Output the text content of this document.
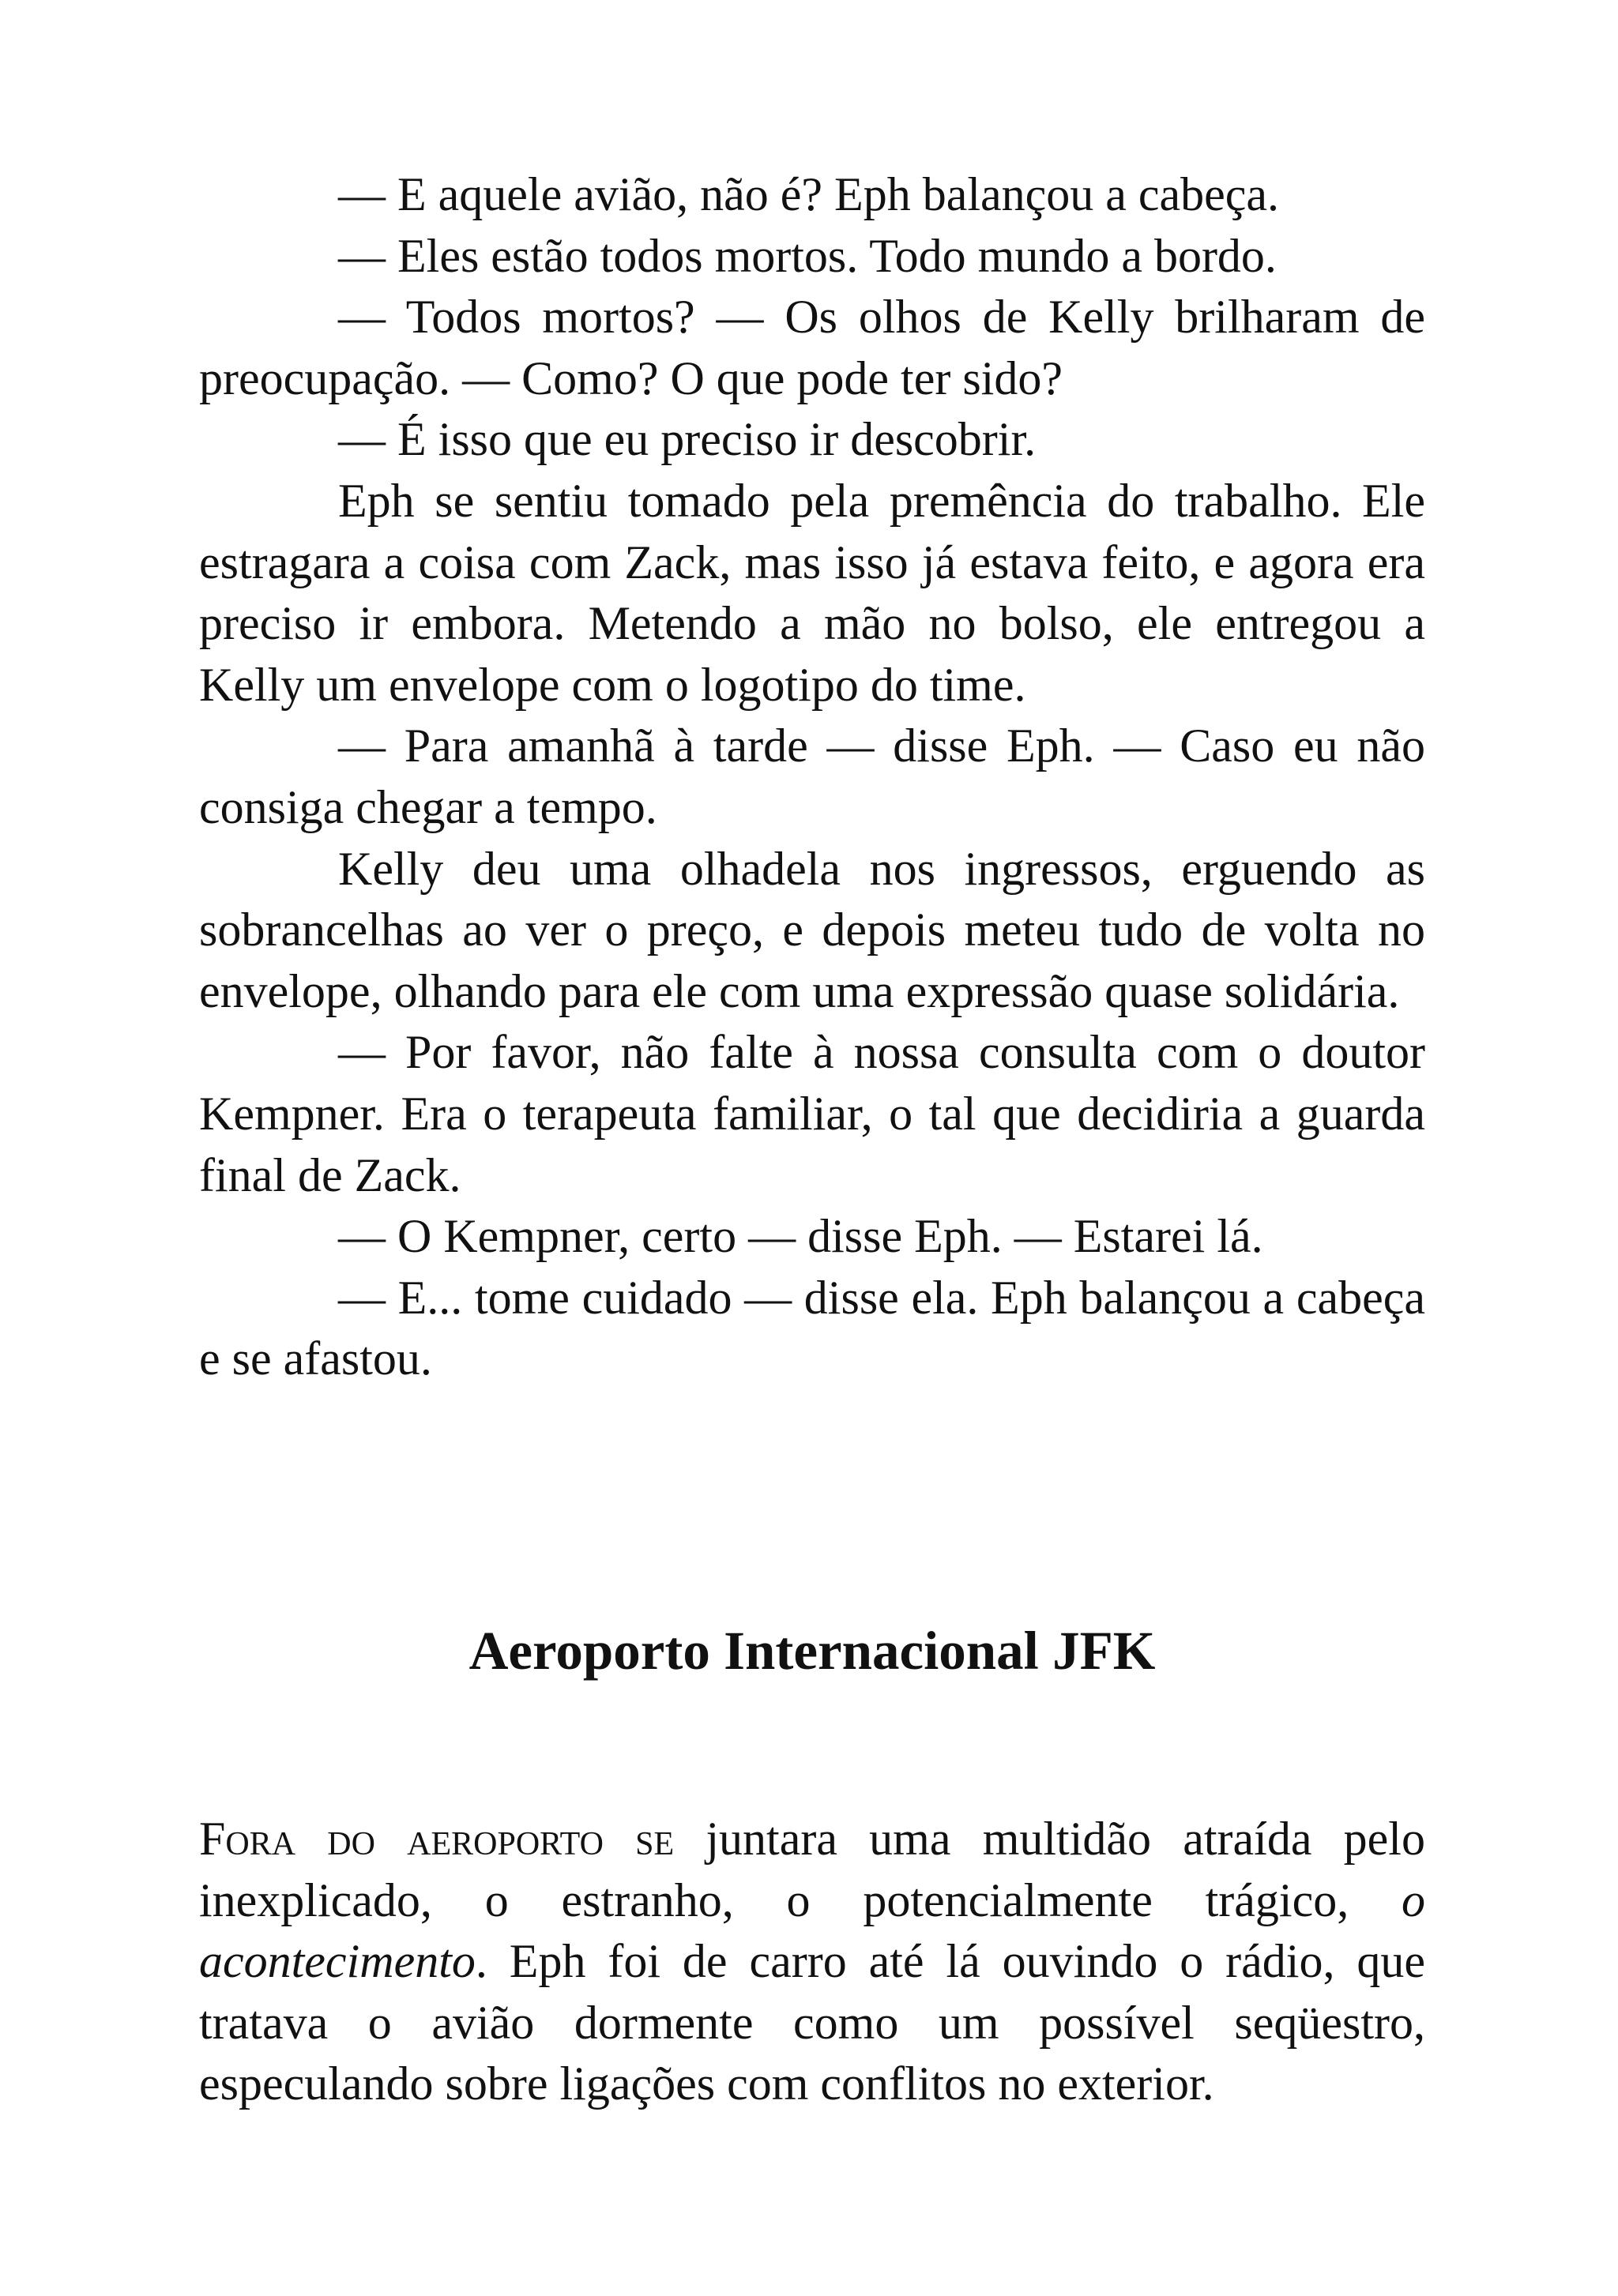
— E aquele avião, não é? Eph balançou a cabeça.

— Eles estão todos mortos. Todo mundo a bordo.

— Todos mortos? — Os olhos de Kelly brilharam de preocupação. — Como? O que pode ter sido?

— É isso que eu preciso ir descobrir.

Eph se sentiu tomado pela premência do trabalho. Ele estragara a coisa com Zack, mas isso já estava feito, e agora era preciso ir embora. Metendo a mão no bolso, ele entregou a Kelly um envelope com o logotipo do time.

— Para amanhã à tarde — disse Eph. — Caso eu não consiga chegar a tempo.

Kelly deu uma olhadela nos ingressos, erguendo as sobrancelhas ao ver o preço, e depois meteu tudo de volta no envelope, olhando para ele com uma expressão quase solidária.

— Por favor, não falte à nossa consulta com o doutor Kempner. Era o terapeuta familiar, o tal que decidiria a guarda final de Zack.

— O Kempner, certo — disse Eph. — Estarei lá.

— E... tome cuidado — disse ela. Eph balançou a cabeça e se afastou.

Aeroporto Internacional JFK

Fora do aeroporto se juntara uma multidão atraída pelo inexplicado, o estranho, o potencialmente trágico, o acontecimento. Eph foi de carro até lá ouvindo o rádio, que tratava o avião dormente como um possível seqüestro, especulando sobre ligações com conflitos no exterior.
